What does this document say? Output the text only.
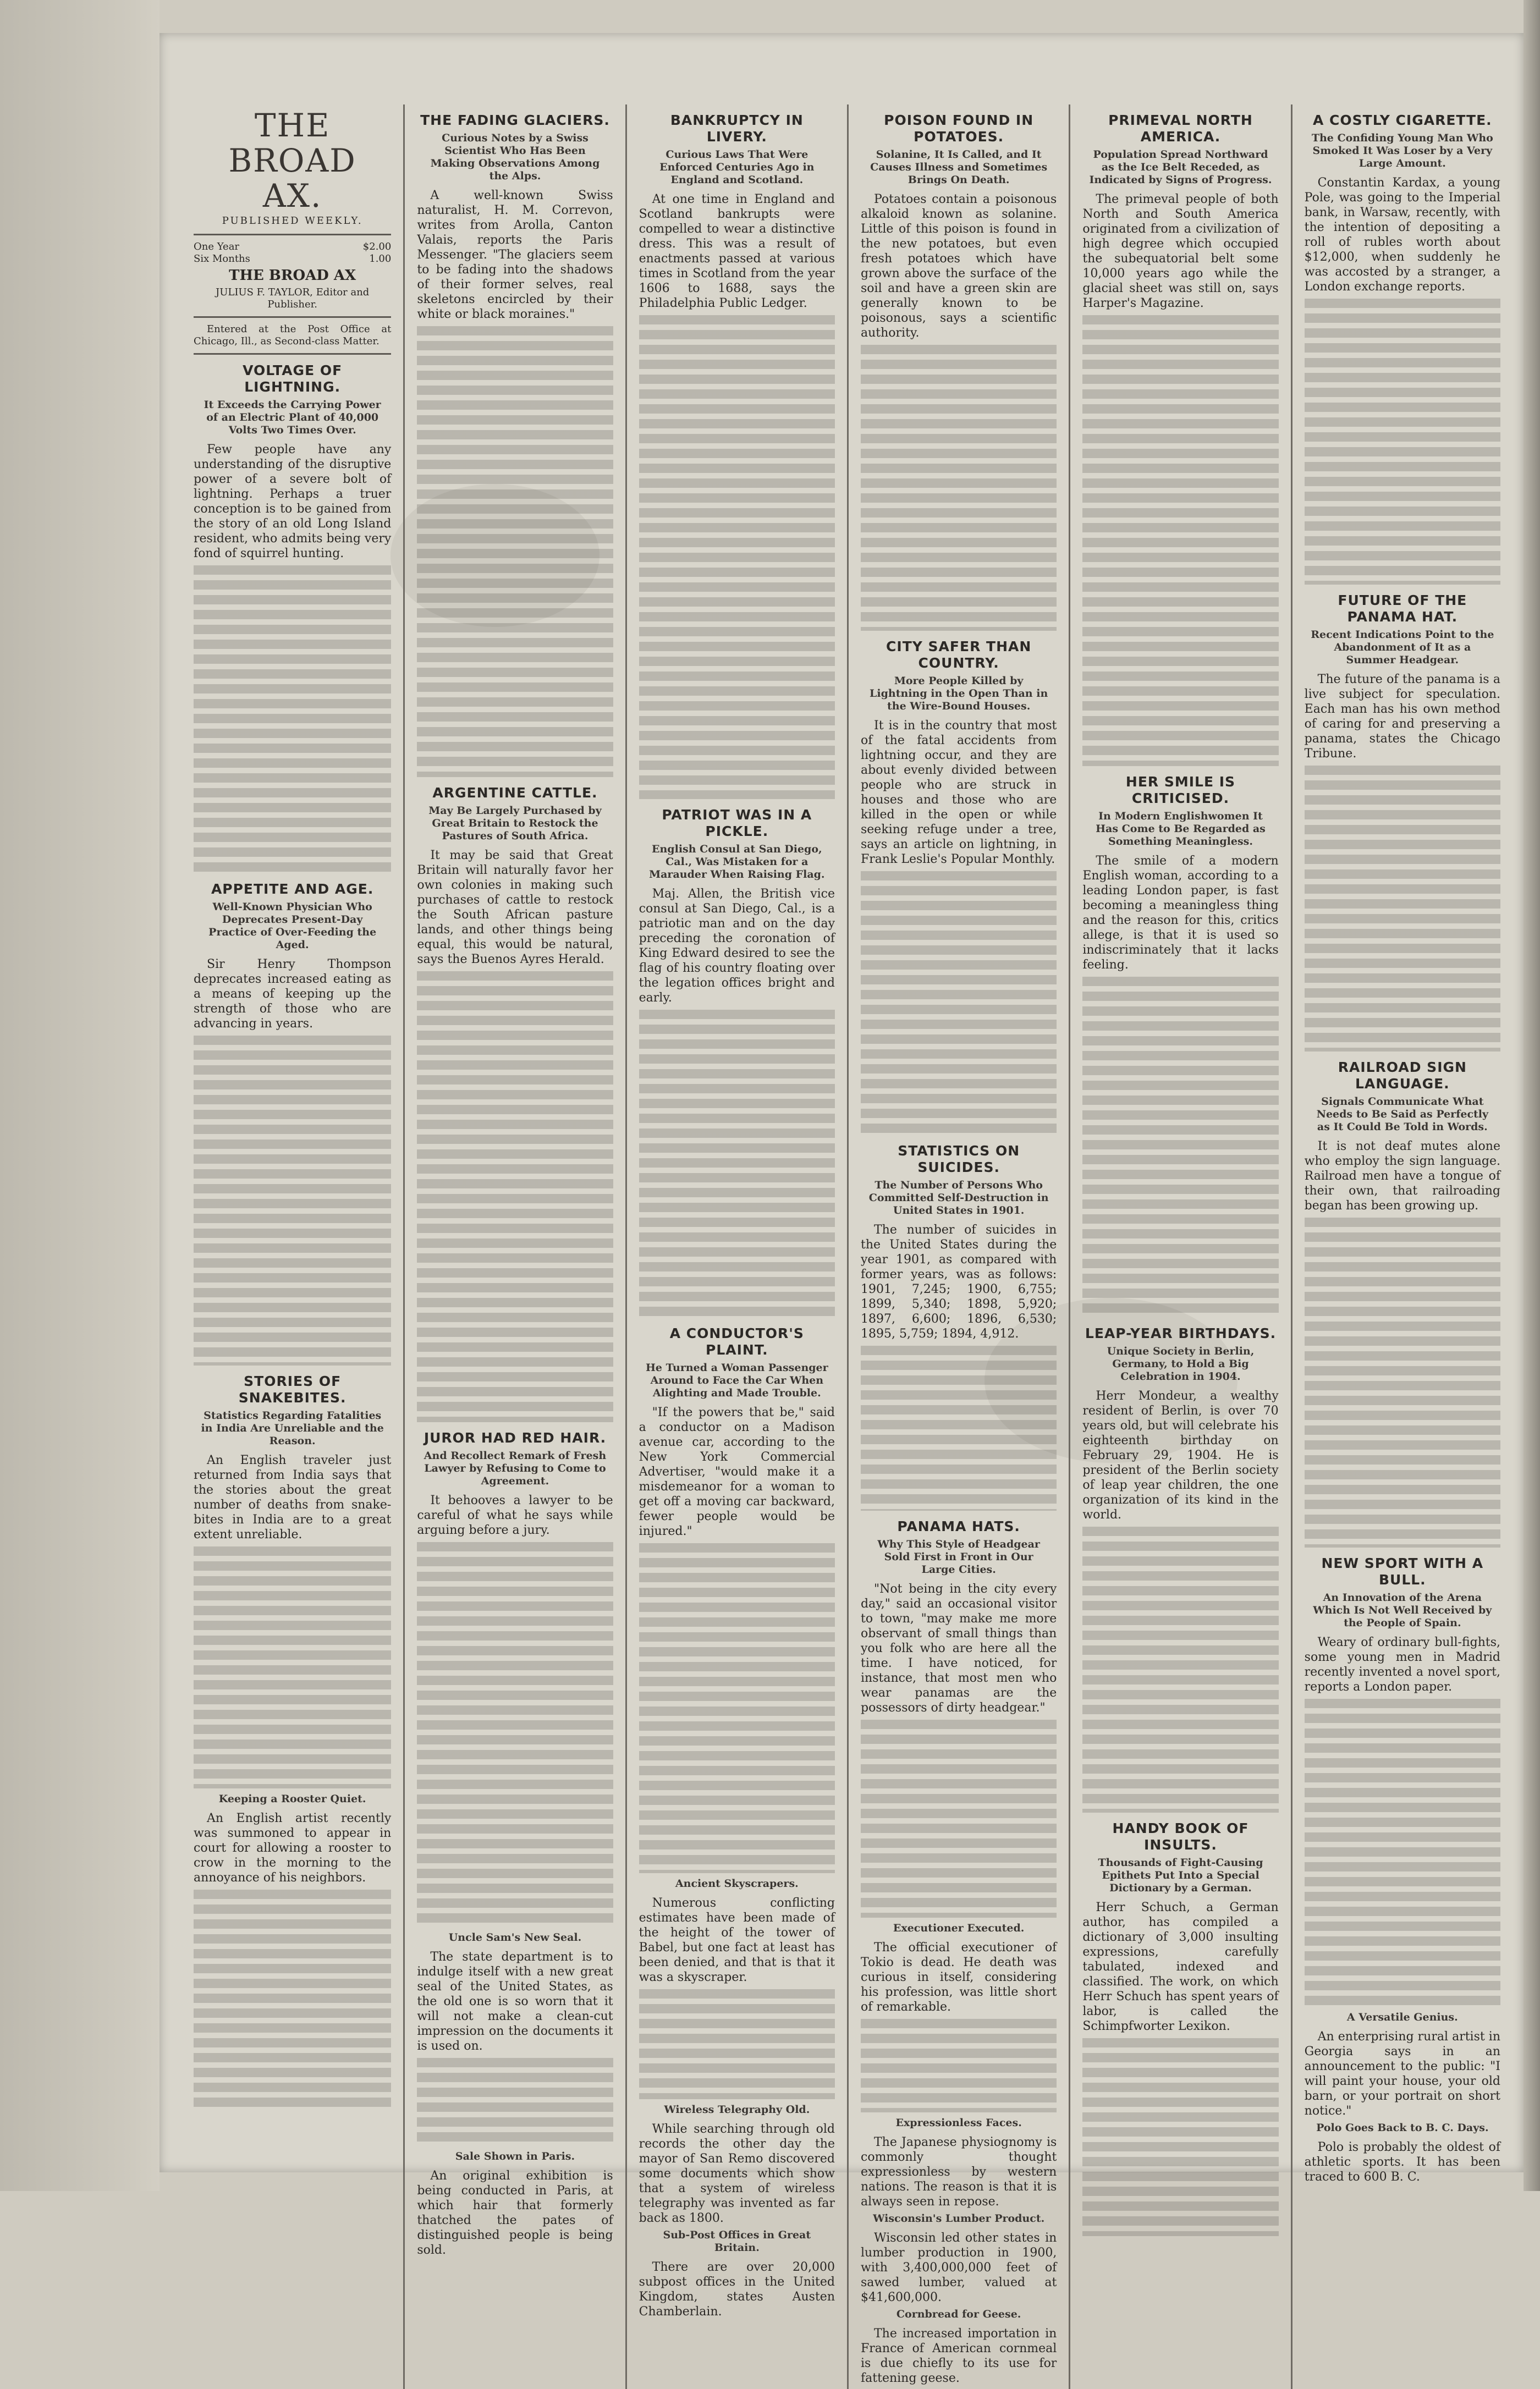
THE BROAD AX.
PUBLISHED WEEKLY.
One Year	$2.00
Six Months	1.00
THE BROAD AX
JULIUS F. TAYLOR, Editor and Publisher.

Entered at the Post Office at Chicago, Ill., as Second-class Matter.

VOLTAGE OF LIGHTNING.
It Exceeds the Carrying Power of an Electric Plant of 40,000 Volts Two Times Over.

Few people have any understanding of the disruptive power of a severe bolt of lightning. Perhaps a truer conception is to be gained from the story of an old Long Island resident, who admits being very fond of squirrel hunting.

APPETITE AND AGE.
Well-Known Physician Who Deprecates Present-Day Practice of Over-Feeding the Aged.

Sir Henry Thompson deprecates increased eating as a means of keeping up the strength of those who are advancing in years.

STORIES OF SNAKEBITES.
Statistics Regarding Fatalities in India Are Unreliable and the Reason.

An English traveler just returned from India says that the stories about the great number of deaths from snake-bites in India are to a great extent unreliable.

Keeping a Rooster Quiet.

An English artist recently was summoned to appear in court for allowing a rooster to crow in the morning to the annoyance of his neighbors.

THE FADING GLACIERS.
Curious Notes by a Swiss Scientist Who Has Been Making Observations Among the Alps.

A well-known Swiss naturalist, H. M. Correvon, writes from Arolla, Canton Valais, reports the Paris Messenger. "The glaciers seem to be fading into the shadows of their former selves, real skeletons encircled by their white or black moraines."

ARGENTINE CATTLE.
May Be Largely Purchased by Great Britain to Restock the Pastures of South Africa.

It may be said that Great Britain will naturally favor her own colonies in making such purchases of cattle to restock the South African pasture lands, and other things being equal, this would be natural, says the Buenos Ayres Herald.

JUROR HAD RED HAIR.
And Recollect Remark of Fresh Lawyer by Refusing to Come to Agreement.

It behooves a lawyer to be careful of what he says while arguing before a jury.

Uncle Sam's New Seal.

The state department is to indulge itself with a new great seal of the United States, as the old one is so worn that it will not make a clean-cut impression on the documents it is used on.

Sale Shown in Paris.

An original exhibition is being conducted in Paris, at which hair that formerly thatched the pates of distinguished people is being sold.

BANKRUPTCY IN LIVERY.
Curious Laws That Were Enforced Centuries Ago in England and Scotland.

At one time in England and Scotland bankrupts were compelled to wear a distinctive dress. This was a result of enactments passed at various times in Scotland from the year 1606 to 1688, says the Philadelphia Public Ledger.

PATRIOT WAS IN A PICKLE.
English Consul at San Diego, Cal., Was Mistaken for a Marauder When Raising Flag.

Maj. Allen, the British vice consul at San Diego, Cal., is a patriotic man and on the day preceding the coronation of King Edward desired to see the flag of his country floating over the legation offices bright and early.

A CONDUCTOR'S PLAINT.
He Turned a Woman Passenger Around to Face the Car When Alighting and Made Trouble.

"If the powers that be," said a conductor on a Madison avenue car, according to the New York Commercial Advertiser, "would make it a misdemeanor for a woman to get off a moving car backward, fewer people would be injured."

Ancient Skyscrapers.

Numerous conflicting estimates have been made of the height of the tower of Babel, but one fact at least has been denied, and that is that it was a skyscraper.

Wireless Telegraphy Old.

While searching through old records the other day the mayor of San Remo discovered some documents which show that a system of wireless telegraphy was invented as far back as 1800.

Sub-Post Offices in Great Britain.

There are over 20,000 subpost offices in the United Kingdom, states Austen Chamberlain.

POISON FOUND IN POTATOES.
Solanine, It Is Called, and It Causes Illness and Sometimes Brings On Death.

Potatoes contain a poisonous alkaloid known as solanine. Little of this poison is found in the new potatoes, but even fresh potatoes which have grown above the surface of the soil and have a green skin are generally known to be poisonous, says a scientific authority.

CITY SAFER THAN COUNTRY.
More People Killed by Lightning in the Open Than in the Wire-Bound Houses.

It is in the country that most of the fatal accidents from lightning occur, and they are about evenly divided between people who are struck in houses and those who are killed in the open or while seeking refuge under a tree, says an article on lightning, in Frank Leslie's Popular Monthly.

STATISTICS ON SUICIDES.
The Number of Persons Who Committed Self-Destruction in United States in 1901.

The number of suicides in the United States during the year 1901, as compared with former years, was as follows: 1901, 7,245; 1900, 6,755; 1899, 5,340; 1898, 5,920; 1897, 6,600; 1896, 6,530; 1895, 5,759; 1894, 4,912.

PANAMA HATS.
Why This Style of Headgear Sold First in Front in Our Large Cities.

"Not being in the city every day," said an occasional visitor to town, "may make me more observant of small things than you folk who are here all the time. I have noticed, for instance, that most men who wear panamas are the possessors of dirty headgear."

Executioner Executed.

The official executioner of Tokio is dead. He death was curious in itself, considering his profession, was little short of remarkable.

Expressionless Faces.

The Japanese physiognomy is commonly thought expressionless by western nations. The reason is that it is always seen in repose.

Wisconsin's Lumber Product.

Wisconsin led other states in lumber production in 1900, with 3,400,000,000 feet of sawed lumber, valued at $41,600,000.

Cornbread for Geese.

The increased importation in France of American cornmeal is due chiefly to its use for fattening geese.

PRIMEVAL NORTH AMERICA.
Population Spread Northward as the Ice Belt Receded, as Indicated by Signs of Progress.

The primeval people of both North and South America originated from a civilization of high degree which occupied the subequatorial belt some 10,000 years ago while the glacial sheet was still on, says Harper's Magazine.

HER SMILE IS CRITICISED.
In Modern Englishwomen It Has Come to Be Regarded as Something Meaningless.

The smile of a modern English woman, according to a leading London paper, is fast becoming a meaningless thing and the reason for this, critics allege, is that it is used so indiscriminately that it lacks feeling.

LEAP-YEAR BIRTHDAYS.
Unique Society in Berlin, Germany, to Hold a Big Celebration in 1904.

Herr Mondeur, a wealthy resident of Berlin, is over 70 years old, but will celebrate his eighteenth birthday on February 29, 1904. He is president of the Berlin society of leap year children, the one organization of its kind in the world.

HANDY BOOK OF INSULTS.
Thousands of Fight-Causing Epithets Put Into a Special Dictionary by a German.

Herr Schuch, a German author, has compiled a dictionary of 3,000 insulting expressions, carefully tabulated, indexed and classified. The work, on which Herr Schuch has spent years of labor, is called the Schimpfworter Lexikon.

A COSTLY CIGARETTE.
The Confiding Young Man Who Smoked It Was Loser by a Very Large Amount.

Constantin Kardax, a young Pole, was going to the Imperial bank, in Warsaw, recently, with the intention of depositing a roll of rubles worth about $12,000, when suddenly he was accosted by a stranger, a London exchange reports.

FUTURE OF THE PANAMA HAT.
Recent Indications Point to the Abandonment of It as a Summer Headgear.

The future of the panama is a live subject for speculation. Each man has his own method of caring for and preserving a panama, states the Chicago Tribune.

RAILROAD SIGN LANGUAGE.
Signals Communicate What Needs to Be Said as Perfectly as It Could Be Told in Words.

It is not deaf mutes alone who employ the sign language. Railroad men have a tongue of their own, that railroading began has been growing up.

NEW SPORT WITH A BULL.
An Innovation of the Arena Which Is Not Well Received by the People of Spain.

Weary of ordinary bull-fights, some young men in Madrid recently invented a novel sport, reports a London paper.

A Versatile Genius.

An enterprising rural artist in Georgia says in an announcement to the public: "I will paint your house, your old barn, or your portrait on short notice."

Polo Goes Back to B. C. Days.

Polo is probably the oldest of athletic sports. It has been traced to 600 B. C.
